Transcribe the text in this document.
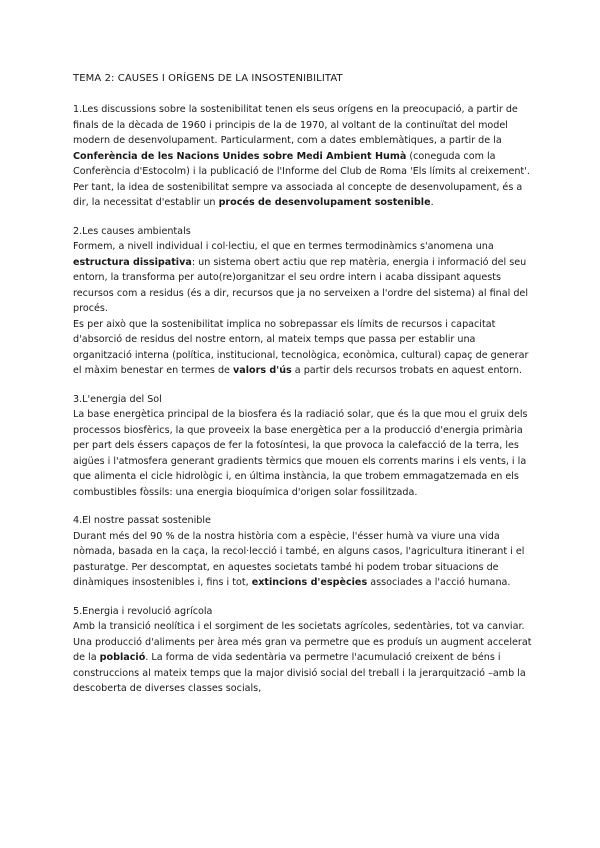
TEMA 2: CAUSES I ORÍGENS DE LA INSOSTENIBILITAT

1.Les discussions sobre la sostenibilitat tenen els seus orígens en la preocupació, a partir de finals de la dècada de 1960 i principis de la de 1970, al voltant de la continuïtat del model modern de desenvolupament. Particularment, com a dates emblemàtiques, a partir de la Conferència de les Nacions Unides sobre Medi Ambient Humà (coneguda com la Conferència d'Estocolm) i la publicació de l'Informe del Club de Roma 'Els límits al creixement'.

Per tant, la idea de sostenibilitat sempre va associada al concepte de desenvolupament, és a dir, la necessitat d'establir un procés de desenvolupament sostenible.

2.Les causes ambientals

Formem, a nivell individual i col·lectiu, el que en termes termodinàmics s'anomena una estructura dissipativa: un sistema obert actiu que rep matèria, energia i informació del seu entorn, la transforma per auto(re)organitzar el seu ordre intern i acaba dissipant aquests recursos com a residus (és a dir, recursos que ja no serveixen a l'ordre del sistema) al final del procés.

Es per això que la sostenibilitat implica no sobrepassar els límits de recursos i capacitat d'absorció de residus del nostre entorn, al mateix temps que passa per establir una organització interna (política, institucional, tecnològica, econòmica, cultural) capaç de generar el màxim benestar en termes de valors d'ús a partir dels recursos trobats en aquest entorn.

3.L'energia del Sol

La base energètica principal de la biosfera és la radiació solar, que és la que mou el gruix dels processos biosfèrics, la que proveeix la base energètica per a la producció d'energia primària per part dels éssers capaços de fer la fotosíntesi, la que provoca la calefacció de la terra, les aigües i l'atmosfera generant gradients tèrmics que mouen els corrents marins i els vents, i la que alimenta el cicle hidrològic i, en última instància, la que trobem emmagatzemada en els combustibles fòssils: una energia bioquímica d'origen solar fossilitzada.

4.El nostre passat sostenible

Durant més del 90 % de la nostra història com a espècie, l'ésser humà va viure una vida nòmada, basada en la caça, la recol·lecció i també, en alguns casos, l'agricultura itinerant i el pasturatge. Per descomptat, en aquestes societats també hi podem trobar situacions de dinàmiques insostenibles i, fins i tot, extincions d'espècies associades a l'acció humana.

5.Energia i revolució agrícola

Amb la transició neolítica i el sorgiment de les societats agrícoles, sedentàries, tot va canviar. Una producció d'aliments per àrea més gran va permetre que es produís un augment accelerat de la població. La forma de vida sedentària va permetre l'acumulació creixent de béns i construccions al mateix temps que la major divisió social del treball i la jerarquització –amb la descoberta de diverses classes socials,
